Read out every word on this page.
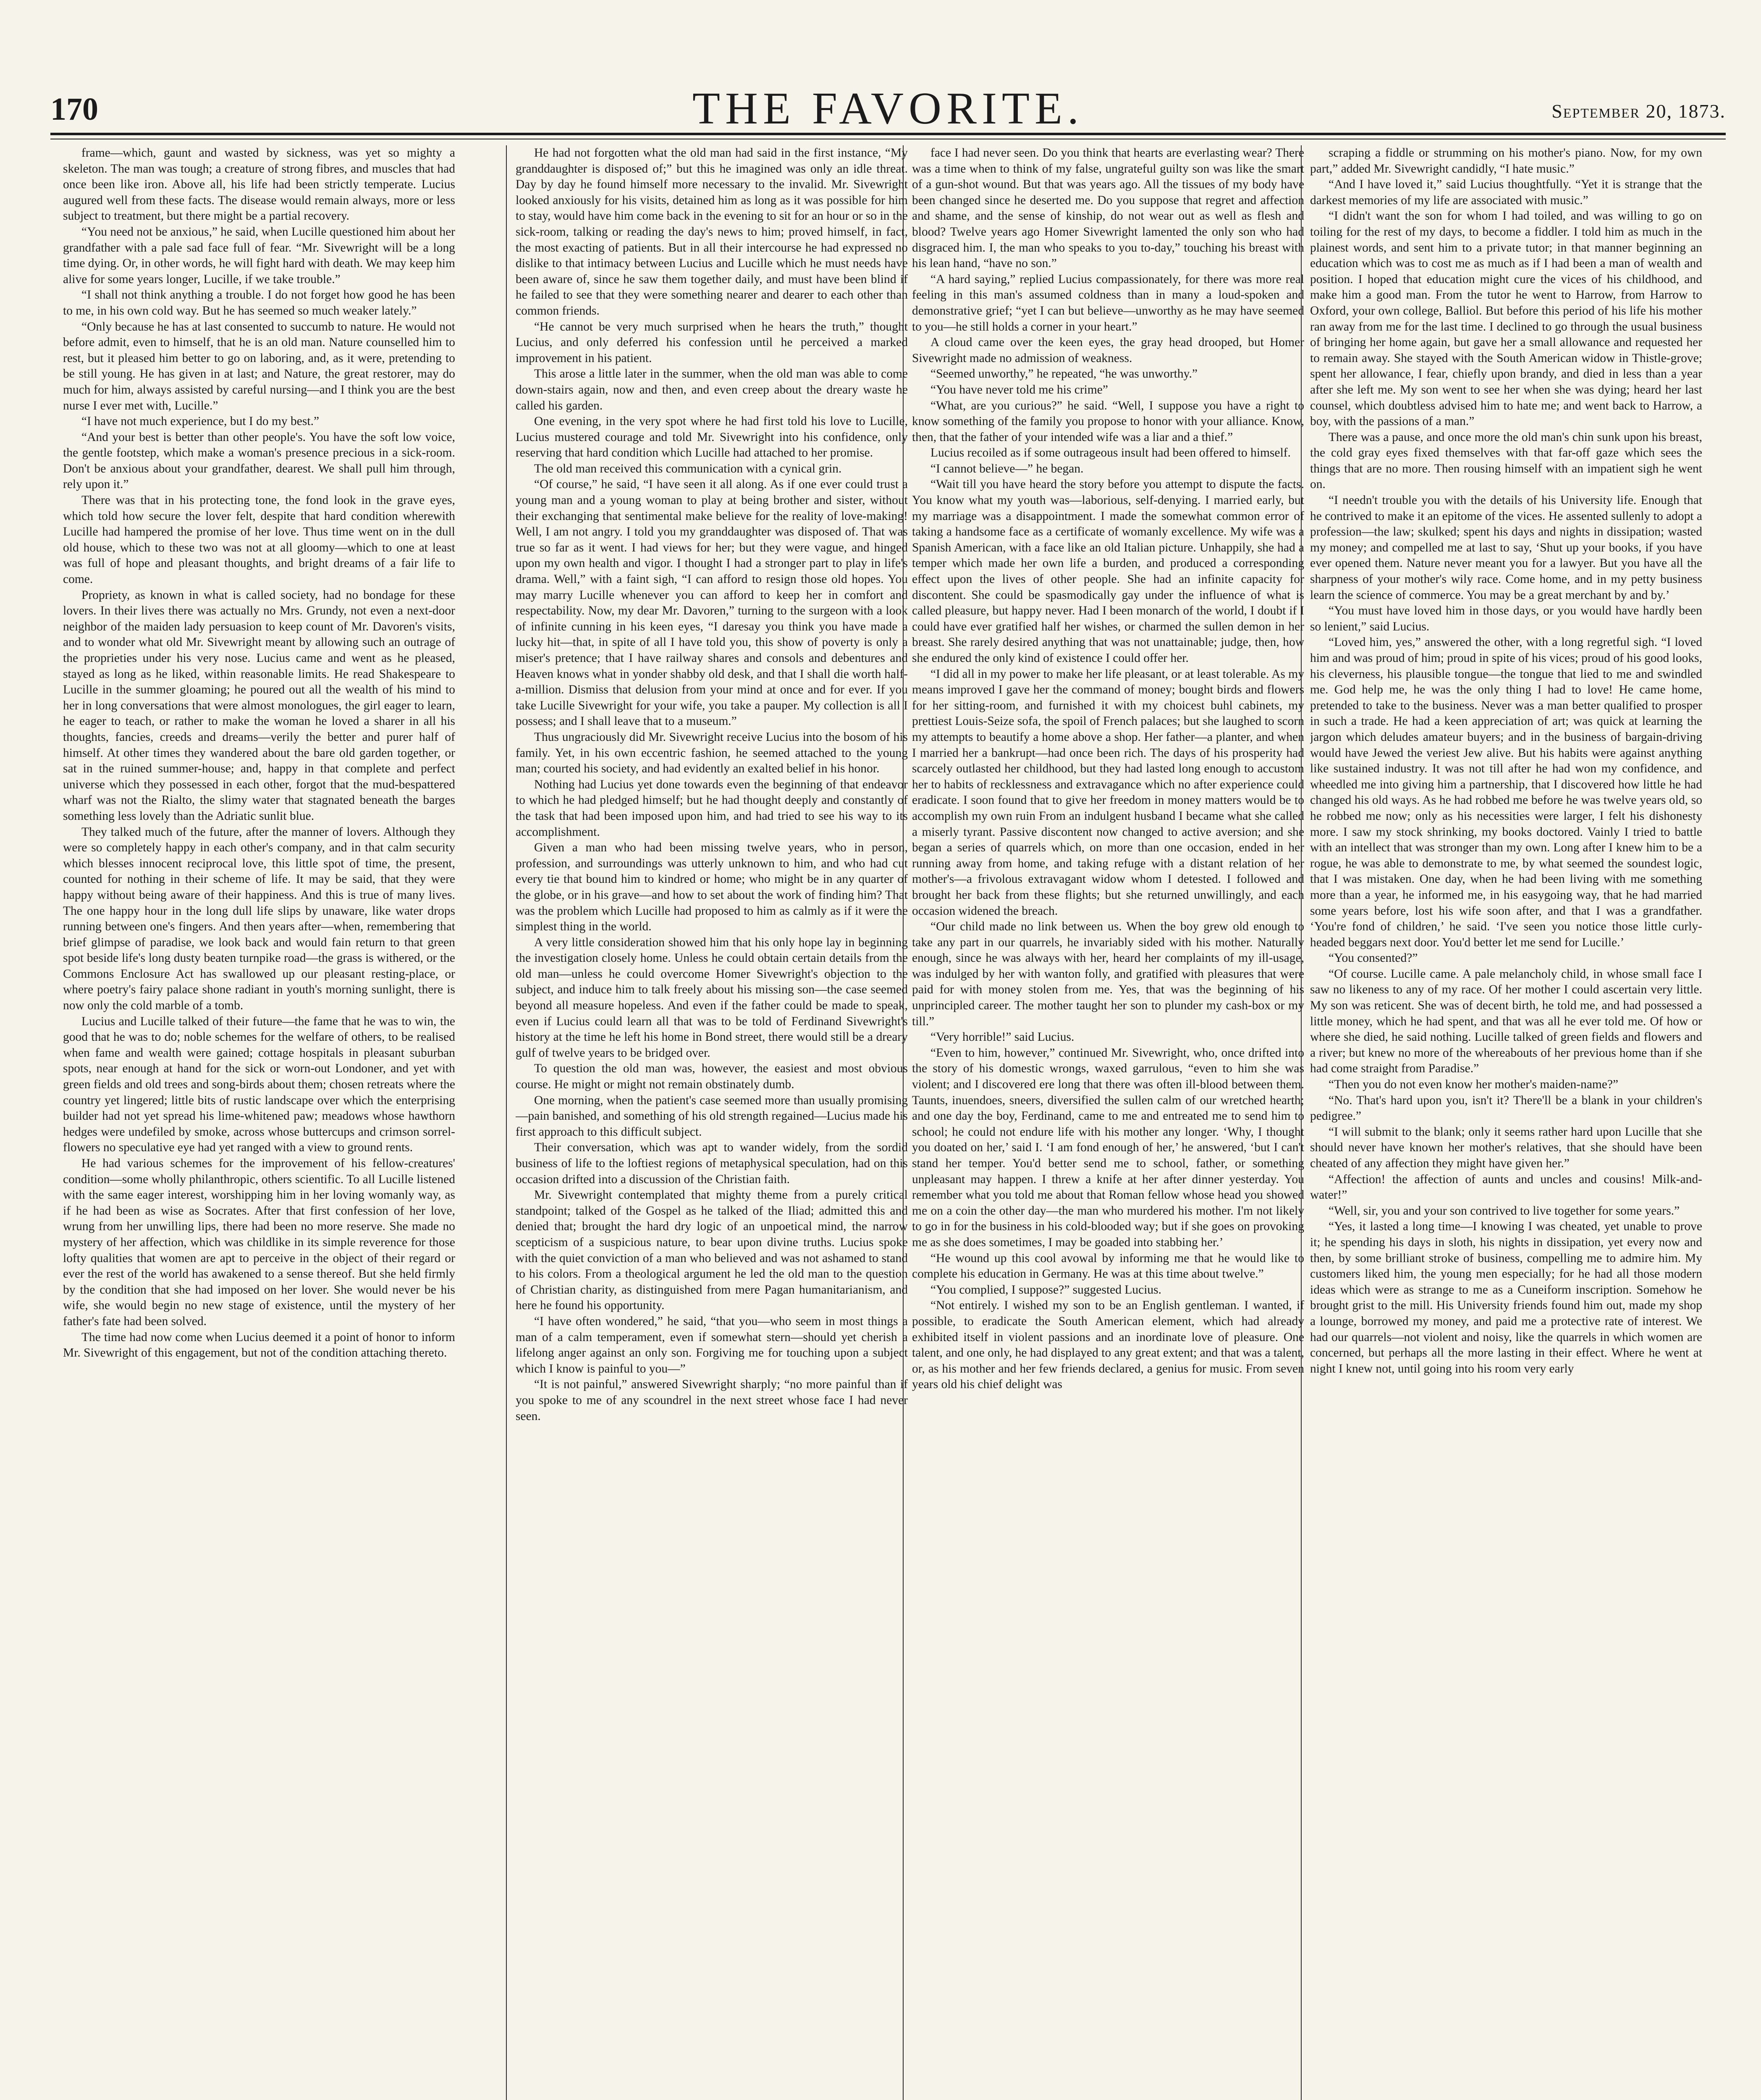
170	THE FAVORITE.	September 20, 1873.

frame—which, gaunt and wasted by sickness, was yet so mighty a skeleton. The man was tough; a creature of strong fibres, and muscles that had once been like iron. Above all, his life had been strictly temperate. Lucius augured well from these facts. The disease would remain always, more or less subject to treatment, but there might be a partial recovery.

“You need not be anxious,” he said, when Lucille questioned him about her grandfather with a pale sad face full of fear. “Mr. Sivewright will be a long time dying. Or, in other words, he will fight hard with death. We may keep him alive for some years longer, Lucille, if we take trouble.”

“I shall not think anything a trouble. I do not forget how good he has been to me, in his own cold way. But he has seemed so much weaker lately.”

“Only because he has at last consented to succumb to nature. He would not before admit, even to himself, that he is an old man. Nature counselled him to rest, but it pleased him better to go on laboring, and, as it were, pretending to be still young. He has given in at last; and Nature, the great restorer, may do much for him, always assisted by careful nursing—and I think you are the best nurse I ever met with, Lucille.”

“I have not much experience, but I do my best.”

“And your best is better than other people's. You have the soft low voice, the gentle footstep, which make a woman's presence precious in a sick-room. Don't be anxious about your grandfather, dearest. We shall pull him through, rely upon it.”

There was that in his protecting tone, the fond look in the grave eyes, which told how secure the lover felt, despite that hard condition wherewith Lucille had hampered the promise of her love. Thus time went on in the dull old house, which to these two was not at all gloomy—which to one at least was full of hope and pleasant thoughts, and bright dreams of a fair life to come.

Propriety, as known in what is called society, had no bondage for these lovers. In their lives there was actually no Mrs. Grundy, not even a next-door neighbor of the maiden lady persuasion to keep count of Mr. Davoren's visits, and to wonder what old Mr. Sivewright meant by allowing such an outrage of the proprieties under his very nose. Lucius came and went as he pleased, stayed as long as he liked, within reasonable limits. He read Shakespeare to Lucille in the summer gloaming; he poured out all the wealth of his mind to her in long conversations that were almost monologues, the girl eager to learn, he eager to teach, or rather to make the woman he loved a sharer in all his thoughts, fancies, creeds and dreams—verily the better and purer half of himself. At other times they wandered about the bare old garden together, or sat in the ruined summer-house; and, happy in that complete and perfect universe which they possessed in each other, forgot that the mud-bespattered wharf was not the Rialto, the slimy water that stagnated beneath the barges something less lovely than the Adriatic sunlit blue.

They talked much of the future, after the manner of lovers. Although they were so completely happy in each other's company, and in that calm security which blesses innocent reciprocal love, this little spot of time, the present, counted for nothing in their scheme of life. It may be said, that they were happy without being aware of their happiness. And this is true of many lives. The one happy hour in the long dull life slips by unaware, like water drops running between one's fingers. And then years after—when, remembering that brief glimpse of paradise, we look back and would fain return to that green spot beside life's long dusty beaten turnpike road—the grass is withered, or the Commons Enclosure Act has swallowed up our pleasant resting-place, or where poetry's fairy palace shone radiant in youth's morning sunlight, there is now only the cold marble of a tomb.

Lucius and Lucille talked of their future—the fame that he was to win, the good that he was to do; noble schemes for the welfare of others, to be realised when fame and wealth were gained; cottage hospitals in pleasant suburban spots, near enough at hand for the sick or worn-out Londoner, and yet with green fields and old trees and song-birds about them; chosen retreats where the country yet lingered; little bits of rustic landscape over which the enterprising builder had not yet spread his lime-whitened paw; meadows whose hawthorn hedges were undefiled by smoke, across whose buttercups and crimson sorrel-flowers no speculative eye had yet ranged with a view to ground rents.

He had various schemes for the improvement of his fellow-creatures' condition—some wholly philanthropic, others scientific. To all Lucille listened with the same eager interest, worshipping him in her loving womanly way, as if he had been as wise as Socrates. After that first confession of her love, wrung from her unwilling lips, there had been no more reserve. She made no mystery of her affection, which was childlike in its simple reverence for those lofty qualities that women are apt to perceive in the object of their regard or ever the rest of the world has awakened to a sense thereof. But she held firmly by the condition that she had imposed on her lover. She would never be his wife, she would begin no new stage of existence, until the mystery of her father's fate had been solved.

The time had now come when Lucius deemed it a point of honor to inform Mr. Sivewright of this engagement, but not of the condition attaching thereto.

He had not forgotten what the old man had said in the first instance, “My granddaughter is disposed of;” but this he imagined was only an idle threat. Day by day he found himself more necessary to the invalid. Mr. Sivewright looked anxiously for his visits, detained him as long as it was possible for him to stay, would have him come back in the evening to sit for an hour or so in the sick-room, talking or reading the day's news to him; proved himself, in fact, the most exacting of patients. But in all their intercourse he had expressed no dislike to that intimacy between Lucius and Lucille which he must needs have been aware of, since he saw them together daily, and must have been blind if he failed to see that they were something nearer and dearer to each other than common friends.

“He cannot be very much surprised when he hears the truth,” thought Lucius, and only deferred his confession until he perceived a marked improvement in his patient.

This arose a little later in the summer, when the old man was able to come down-stairs again, now and then, and even creep about the dreary waste he called his garden.

One evening, in the very spot where he had first told his love to Lucille, Lucius mustered courage and told Mr. Sivewright into his confidence, only reserving that hard condition which Lucille had attached to her promise.

The old man received this communication with a cynical grin.

“Of course,” he said, “I have seen it all along. As if one ever could trust a young man and a young woman to play at being brother and sister, without their exchanging that sentimental make believe for the reality of love-making! Well, I am not angry. I told you my granddaughter was disposed of. That was true so far as it went. I had views for her; but they were vague, and hinged upon my own health and vigor. I thought I had a stronger part to play in life's drama. Well,” with a faint sigh, “I can afford to resign those old hopes. You may marry Lucille whenever you can afford to keep her in comfort and respectability. Now, my dear Mr. Davoren,” turning to the surgeon with a look of infinite cunning in his keen eyes, “I daresay you think you have made a lucky hit—that, in spite of all I have told you, this show of poverty is only a miser's pretence; that I have railway shares and consols and debentures and Heaven knows what in yonder shabby old desk, and that I shall die worth half-a-million. Dismiss that delusion from your mind at once and for ever. If you take Lucille Sivewright for your wife, you take a pauper. My collection is all I possess; and I shall leave that to a museum.”

Thus ungraciously did Mr. Sivewright receive Lucius into the bosom of his family. Yet, in his own eccentric fashion, he seemed attached to the young man; courted his society, and had evidently an exalted belief in his honor.

Nothing had Lucius yet done towards even the beginning of that endeavor to which he had pledged himself; but he had thought deeply and constantly of the task that had been imposed upon him, and had tried to see his way to its accomplishment.

Given a man who had been missing twelve years, who in person, profession, and surroundings was utterly unknown to him, and who had cut every tie that bound him to kindred or home; who might be in any quarter of the globe, or in his grave—and how to set about the work of finding him? That was the problem which Lucille had proposed to him as calmly as if it were the simplest thing in the world.

A very little consideration showed him that his only hope lay in beginning the investigation closely home. Unless he could obtain certain details from the old man—unless he could overcome Homer Sivewright's objection to the subject, and induce him to talk freely about his missing son—the case seemed beyond all measure hopeless. And even if the father could be made to speak, even if Lucius could learn all that was to be told of Ferdinand Sivewright's history at the time he left his home in Bond street, there would still be a dreary gulf of twelve years to be bridged over.

To question the old man was, however, the easiest and most obvious course. He might or might not remain obstinately dumb.

One morning, when the patient's case seemed more than usually promising—pain banished, and something of his old strength regained—Lucius made his first approach to this difficult subject.

Their conversation, which was apt to wander widely, from the sordid business of life to the loftiest regions of metaphysical speculation, had on this occasion drifted into a discussion of the Christian faith.

Mr. Sivewright contemplated that mighty theme from a purely critical standpoint; talked of the Gospel as he talked of the Iliad; admitted this and denied that; brought the hard dry logic of an unpoetical mind, the narrow scepticism of a suspicious nature, to bear upon divine truths. Lucius spoke with the quiet conviction of a man who believed and was not ashamed to stand to his colors. From a theological argument he led the old man to the question of Christian charity, as distinguished from mere Pagan humanitarianism, and here he found his opportunity.

“I have often wondered,” he said, “that you—who seem in most things a man of a calm temperament, even if somewhat stern—should yet cherish a lifelong anger against an only son. Forgiving me for touching upon a subject which I know is painful to you—”

“It is not painful,” answered Sivewright sharply; “no more painful than if you spoke to me of any scoundrel in the next street whose face I had never seen.

face I had never seen. Do you think that hearts are everlasting wear? There was a time when to think of my false, ungrateful guilty son was like the smart of a gun-shot wound. But that was years ago. All the tissues of my body have been changed since he deserted me. Do you suppose that regret and affection and shame, and the sense of kinship, do not wear out as well as flesh and blood? Twelve years ago Homer Sivewright lamented the only son who had disgraced him. I, the man who speaks to you to-day,” touching his breast with his lean hand, “have no son.”

“A hard saying,” replied Lucius compassionately, for there was more real feeling in this man's assumed coldness than in many a loud-spoken and demonstrative grief; “yet I can but believe—unworthy as he may have seemed to you—he still holds a corner in your heart.”

A cloud came over the keen eyes, the gray head drooped, but Homer Sivewright made no admission of weakness.

“Seemed unworthy,” he repeated, “he was unworthy.”

“You have never told me his crime”

“What, are you curious?” he said. “Well, I suppose you have a right to know something of the family you propose to honor with your alliance. Know, then, that the father of your intended wife was a liar and a thief.”

Lucius recoiled as if some outrageous insult had been offered to himself.

“I cannot believe—” he began.

“Wait till you have heard the story before you attempt to dispute the facts. You know what my youth was—laborious, self-denying. I married early, but my marriage was a disappointment. I made the somewhat common error of taking a handsome face as a certificate of womanly excellence. My wife was a Spanish American, with a face like an old Italian picture. Unhappily, she had a temper which made her own life a burden, and produced a corresponding effect upon the lives of other people. She had an infinite capacity for discontent. She could be spasmodically gay under the influence of what is called pleasure, but happy never. Had I been monarch of the world, I doubt if I could have ever gratified half her wishes, or charmed the sullen demon in her breast. She rarely desired anything that was not unattainable; judge, then, how she endured the only kind of existence I could offer her.

“I did all in my power to make her life pleasant, or at least tolerable. As my means improved I gave her the command of money; bought birds and flowers for her sitting-room, and furnished it with my choicest buhl cabinets, my prettiest Louis-Seize sofa, the spoil of French palaces; but she laughed to scorn my attempts to beautify a home above a shop. Her father—a planter, and when I married her a bankrupt—had once been rich. The days of his prosperity had scarcely outlasted her childhood, but they had lasted long enough to accustom her to habits of recklessness and extravagance which no after experience could eradicate. I soon found that to give her freedom in money matters would be to accomplish my own ruin From an indulgent husband I became what she called a miserly tyrant. Passive discontent now changed to active aversion; and she began a series of quarrels which, on more than one occasion, ended in her running away from home, and taking refuge with a distant relation of her mother's—a frivolous extravagant widow whom I detested. I followed and brought her back from these flights; but she returned unwillingly, and each occasion widened the breach.

“Our child made no link between us. When the boy grew old enough to take any part in our quarrels, he invariably sided with his mother. Naturally enough, since he was always with her, heard her complaints of my ill-usage, was indulged by her with wanton folly, and gratified with pleasures that were paid for with money stolen from me. Yes, that was the beginning of his unprincipled career. The mother taught her son to plunder my cash-box or my till.”

“Very horrible!” said Lucius.

“Even to him, however,” continued Mr. Sivewright, who, once drifted into the story of his domestic wrongs, waxed garrulous, “even to him she was violent; and I discovered ere long that there was often ill-blood between them. Taunts, inuendoes, sneers, diversified the sullen calm of our wretched hearth; and one day the boy, Ferdinand, came to me and entreated me to send him to school; he could not endure life with his mother any longer. ‘Why, I thought you doated on her,’ said I. ‘I am fond enough of her,’ he answered, ‘but I can't stand her temper. You'd better send me to school, father, or something unpleasant may happen. I threw a knife at her after dinner yesterday. You remember what you told me about that Roman fellow whose head you showed me on a coin the other day—the man who murdered his mother. I'm not likely to go in for the business in his cold-blooded way; but if she goes on provoking me as she does sometimes, I may be goaded into stabbing her.’

“He wound up this cool avowal by informing me that he would like to complete his education in Germany. He was at this time about twelve.”

“You complied, I suppose?” suggested Lucius.

“Not entirely. I wished my son to be an English gentleman. I wanted, if possible, to eradicate the South American element, which had already exhibited itself in violent passions and an inordinate love of pleasure. One talent, and one only, he had displayed to any great extent; and that was a talent, or, as his mother and her few friends declared, a genius for music. From seven years old his chief delight was

scraping a fiddle or strumming on his mother's piano. Now, for my own part,” added Mr. Sivewright candidly, “I hate music.”

“And I have loved it,” said Lucius thoughtfully. “Yet it is strange that the darkest memories of my life are associated with music.”

“I didn't want the son for whom I had toiled, and was willing to go on toiling for the rest of my days, to become a fiddler. I told him as much in the plainest words, and sent him to a private tutor; in that manner beginning an education which was to cost me as much as if I had been a man of wealth and position. I hoped that education might cure the vices of his childhood, and make him a good man. From the tutor he went to Harrow, from Harrow to Oxford, your own college, Balliol. But before this period of his life his mother ran away from me for the last time. I declined to go through the usual business of bringing her home again, but gave her a small allowance and requested her to remain away. She stayed with the South American widow in Thistle-grove; spent her allowance, I fear, chiefly upon brandy, and died in less than a year after she left me. My son went to see her when she was dying; heard her last counsel, which doubtless advised him to hate me; and went back to Harrow, a boy, with the passions of a man.”

There was a pause, and once more the old man's chin sunk upon his breast, the cold gray eyes fixed themselves with that far-off gaze which sees the things that are no more. Then rousing himself with an impatient sigh he went on.

“I needn't trouble you with the details of his University life. Enough that he contrived to make it an epitome of the vices. He assented sullenly to adopt a profession—the law; skulked; spent his days and nights in dissipation; wasted my money; and compelled me at last to say, ‘Shut up your books, if you have ever opened them. Nature never meant you for a lawyer. But you have all the sharpness of your mother's wily race. Come home, and in my petty business learn the science of commerce. You may be a great merchant by and by.’

“You must have loved him in those days, or you would have hardly been so lenient,” said Lucius.

“Loved him, yes,” answered the other, with a long regretful sigh. “I loved him and was proud of him; proud in spite of his vices; proud of his good looks, his cleverness, his plausible tongue—the tongue that lied to me and swindled me. God help me, he was the only thing I had to love! He came home, pretended to take to the business. Never was a man better qualified to prosper in such a trade. He had a keen appreciation of art; was quick at learning the jargon which deludes amateur buyers; and in the business of bargain-driving would have Jewed the veriest Jew alive. But his habits were against anything like sustained industry. It was not till after he had won my confidence, and wheedled me into giving him a partnership, that I discovered how little he had changed his old ways. As he had robbed me before he was twelve years old, so he robbed me now; only as his necessities were larger, I felt his dishonesty more. I saw my stock shrinking, my books doctored. Vainly I tried to battle with an intellect that was stronger than my own. Long after I knew him to be a rogue, he was able to demonstrate to me, by what seemed the soundest logic, that I was mistaken. One day, when he had been living with me something more than a year, he informed me, in his easygoing way, that he had married some years before, lost his wife soon after, and that I was a grandfather. ‘You're fond of children,’ he said. ‘I've seen you notice those little curly-headed beggars next door. You'd better let me send for Lucille.’

“You consented?”

“Of course. Lucille came. A pale melancholy child, in whose small face I saw no likeness to any of my race. Of her mother I could ascertain very little. My son was reticent. She was of decent birth, he told me, and had possessed a little money, which he had spent, and that was all he ever told me. Of how or where she died, he said nothing. Lucille talked of green fields and flowers and a river; but knew no more of the whereabouts of her previous home than if she had come straight from Paradise.”

“Then you do not even know her mother's maiden-name?”

“No. That's hard upon you, isn't it? There'll be a blank in your children's pedigree.”

“I will submit to the blank; only it seems rather hard upon Lucille that she should never have known her mother's relatives, that she should have been cheated of any affection they might have given her.”

“Affection! the affection of aunts and uncles and cousins! Milk-and-water!”

“Well, sir, you and your son contrived to live together for some years.”

“Yes, it lasted a long time—I knowing I was cheated, yet unable to prove it; he spending his days in sloth, his nights in dissipation, yet every now and then, by some brilliant stroke of business, compelling me to admire him. My customers liked him, the young men especially; for he had all those modern ideas which were as strange to me as a Cuneiform inscription. Somehow he brought grist to the mill. His University friends found him out, made my shop a lounge, borrowed my money, and paid me a protective rate of interest. We had our quarrels—not violent and noisy, like the quarrels in which women are concerned, but perhaps all the more lasting in their effect. Where he went at night I knew not, until going into his room very early
